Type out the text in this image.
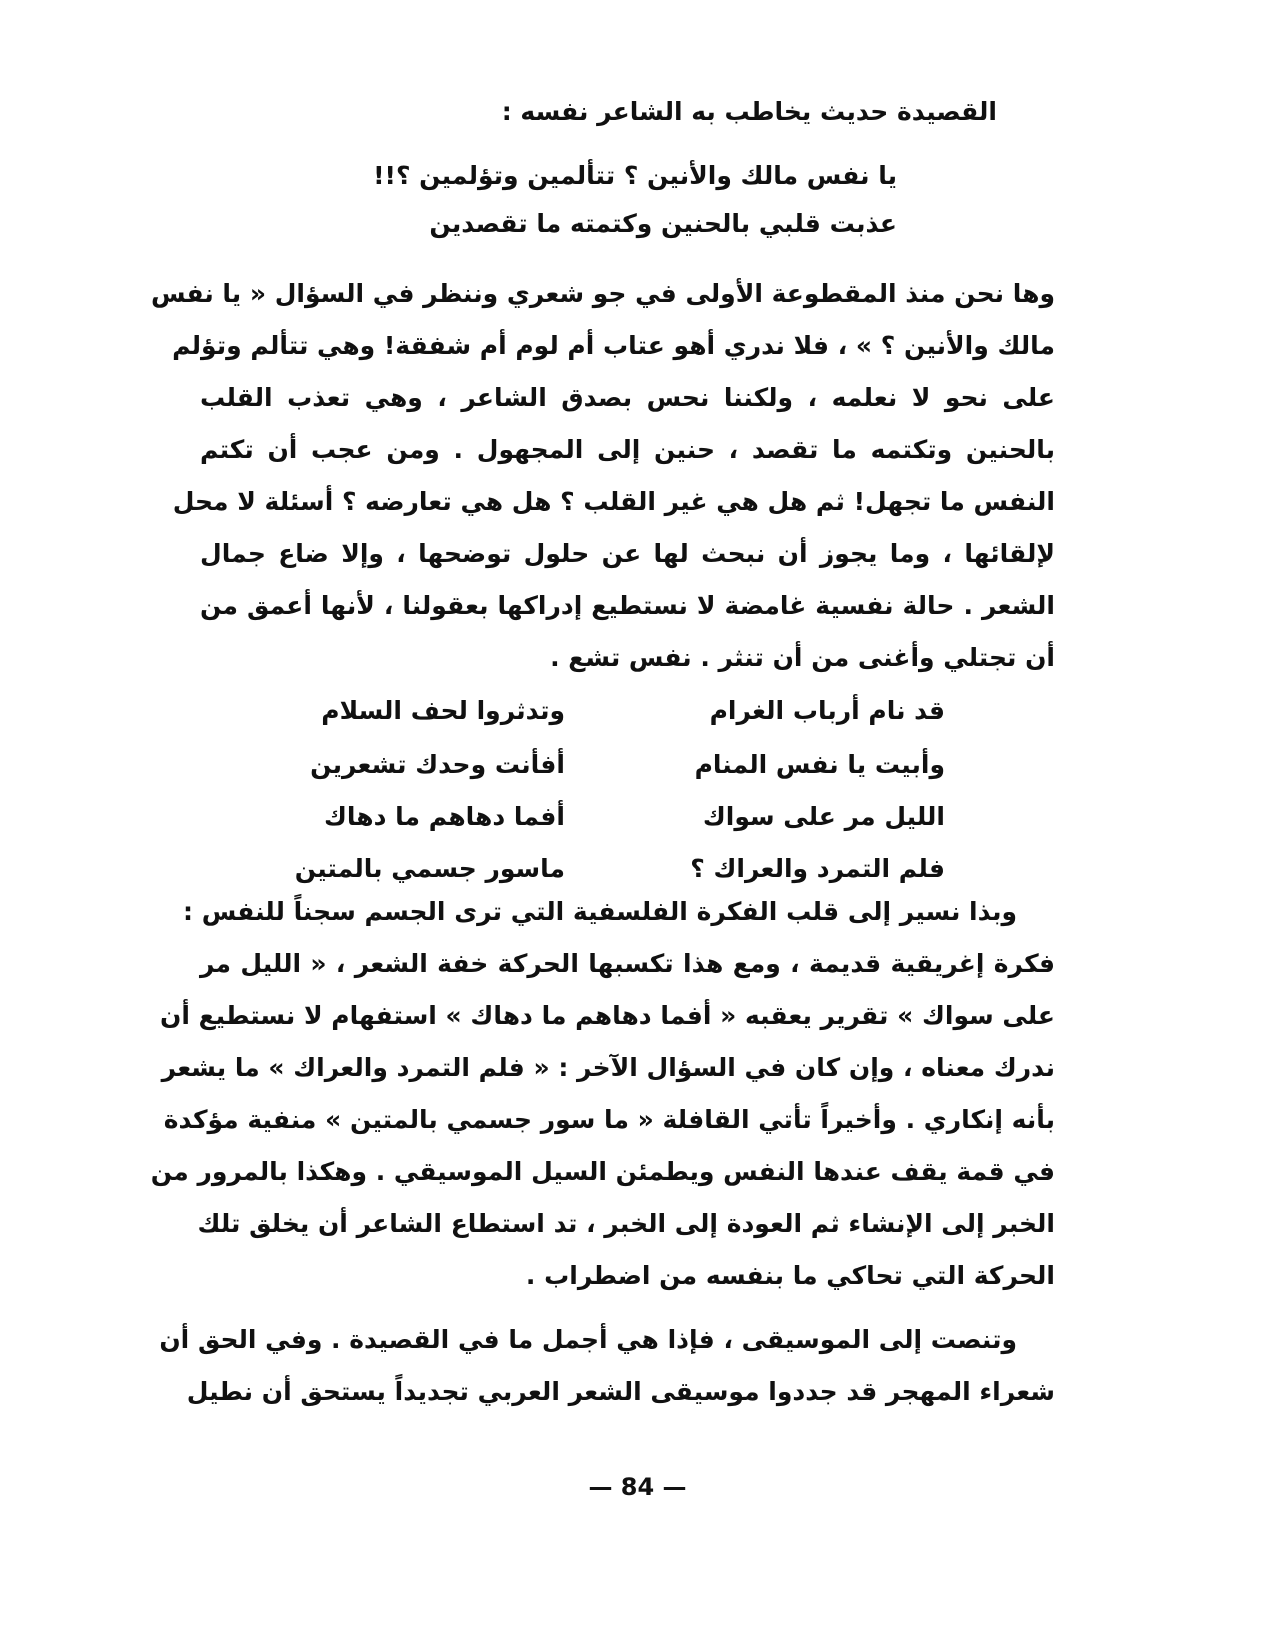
القصيدة حديث يخاطب به الشاعر نفسه :
يا نفس مالك والأنين ؟ تتألمين وتؤلمين ؟!!
عذبت قلبي بالحنين وكتمته ما تقصدين
وها نحن منذ المقطوعة الأولى في جو شعري وننظر في السؤال « يا نفس
مالك والأنين ؟ » ، فلا ندري أهو عتاب أم لوم أم شفقة! وهي تتألم وتؤلم
على نحو لا نعلمه ، ولكننا نحس بصدق الشاعر ، وهي تعذب القلب
بالحنين وتكتمه ما تقصد ، حنين إلى المجهول . ومن عجب أن تكتم
النفس ما تجهل! ثم هل هي غير القلب ؟ هل هي تعارضه ؟ أسئلة لا محل
لإلقائها ، وما يجوز أن نبحث لها عن حلول توضحها ، وإلا ضاع جمال
الشعر . حالة نفسية غامضة لا نستطيع إدراكها بعقولنا ، لأنها أعمق من
أن تجتلي وأغنى من أن تنثر . نفس تشع .
قد نام أرباب الغرام
وتدثروا لحف السلام
وأبيت يا نفس المنام
أفأنت وحدك تشعرين
الليل مر على سواك
أفما دهاهم ما دهاك
فلم التمرد والعراك ؟
ماسور جسمي بالمتين
وبذا نسير إلى قلب الفكرة الفلسفية التي ترى الجسم سجناً للنفس :
فكرة إغريقية قديمة ، ومع هذا تكسبها الحركة خفة الشعر ، « الليل مر
على سواك » تقرير يعقبه « أفما دهاهم ما دهاك » استفهام لا نستطيع أن
ندرك معناه ، وإن كان في السؤال الآخر : « فلم التمرد والعراك » ما يشعر
بأنه إنكاري . وأخيراً تأتي القافلة « ما سور جسمي بالمتين » منفية مؤكدة
في قمة يقف عندها النفس ويطمئن السيل الموسيقي . وهكذا بالمرور من
الخبر إلى الإنشاء ثم العودة إلى الخبر ، تد استطاع الشاعر أن يخلق تلك
الحركة التي تحاكي ما بنفسه من اضطراب .
وتنصت إلى الموسيقى ، فإذا هي أجمل ما في القصيدة . وفي الحق أن
شعراء المهجر قد جددوا موسيقى الشعر العربي تجديداً يستحق أن نطيل
— 84 —
